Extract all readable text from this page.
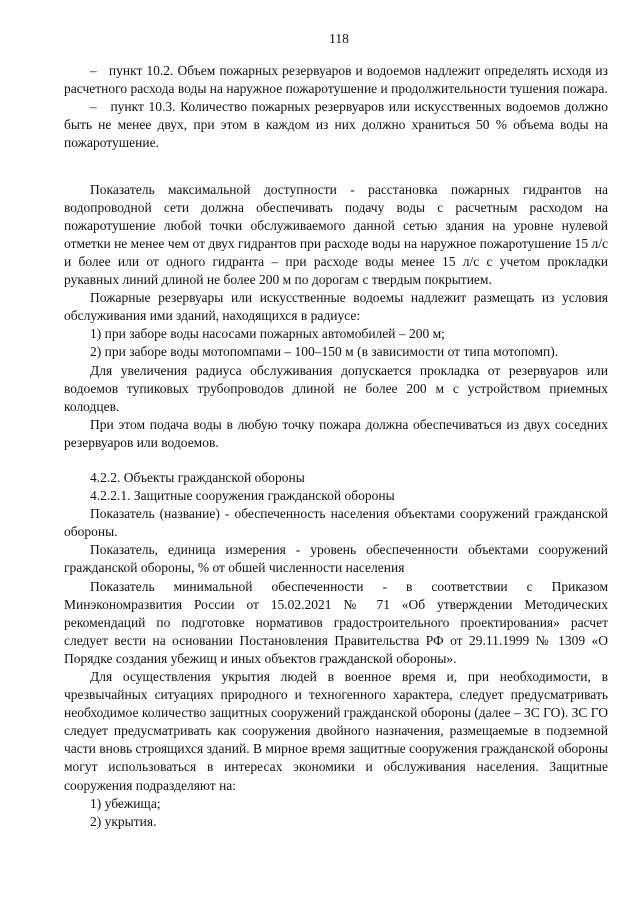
118

–   пункт 10.2. Объем пожарных резервуаров и водоемов надлежит определять исходя из расчетного расхода воды на наружное пожаротушение и продолжительности тушения пожара.

–   пункт 10.3. Количество пожарных резервуаров или искусственных водоемов должно быть не менее двух, при этом в каждом из них должно храниться 50 % объема воды на пожаротушение.

Показатель максимальной доступности - расстановка пожарных гидрантов на водопроводной сети должна обеспечивать подачу воды с расчетным расходом на пожаротушение любой точки обслуживаемого данной сетью здания на уровне нулевой отметки не менее чем от двух гидрантов при расходе воды на наружное пожаротушение 15 л/с и более или от одного гидранта – при расходе воды менее 15 л/с с учетом прокладки рукавных линий длиной не более 200 м по дорогам с твердым покрытием.

Пожарные резервуары или искусственные водоемы надлежит размещать из условия обслуживания ими зданий, находящихся в радиусе:

1) при заборе воды насосами пожарных автомобилей – 200 м;

2) при заборе воды мотопомпами – 100–150 м (в зависимости от типа мотопомп).

Для увеличения радиуса обслуживания допускается прокладка от резервуаров или водоемов тупиковых трубопроводов длиной не более 200 м с устройством приемных колодцев.

При этом подача воды в любую точку пожара должна обеспечиваться из двух соседних резервуаров или водоемов.

4.2.2. Объекты гражданской обороны

4.2.2.1. Защитные сооружения гражданской обороны

Показатель (название) - обеспеченность населения объектами сооружений гражданской обороны.

Показатель, единица измерения - уровень обеспеченности объектами сооружений гражданской обороны, % от обшей численности населения

Показатель минимальной обеспеченности - в соответствии с Приказом Минэкономразвития России от 15.02.2021 № 71 «Об утверждении Методических рекомендаций по подготовке нормативов градостроительного проектирования» расчет следует вести на основании Постановления Правительства РФ от 29.11.1999 № 1309 «О Порядке создания убежищ и иных объектов гражданской обороны».

Для осуществления укрытия людей в военное время и, при необходимости, в чрезвычайных ситуациях природного и техногенного характера, следует предусматривать необходимое количество защитных сооружений гражданской обороны (далее – ЗС ГО). ЗС ГО следует предусматривать как сооружения двойного назначения, размещаемые в подземной части вновь строящихся зданий. В мирное время защитные сооружения гражданской обороны могут использоваться в интересах экономики и обслуживания населения. Защитные сооружения подразделяют на:

1) убежища;

2) укрытия.
